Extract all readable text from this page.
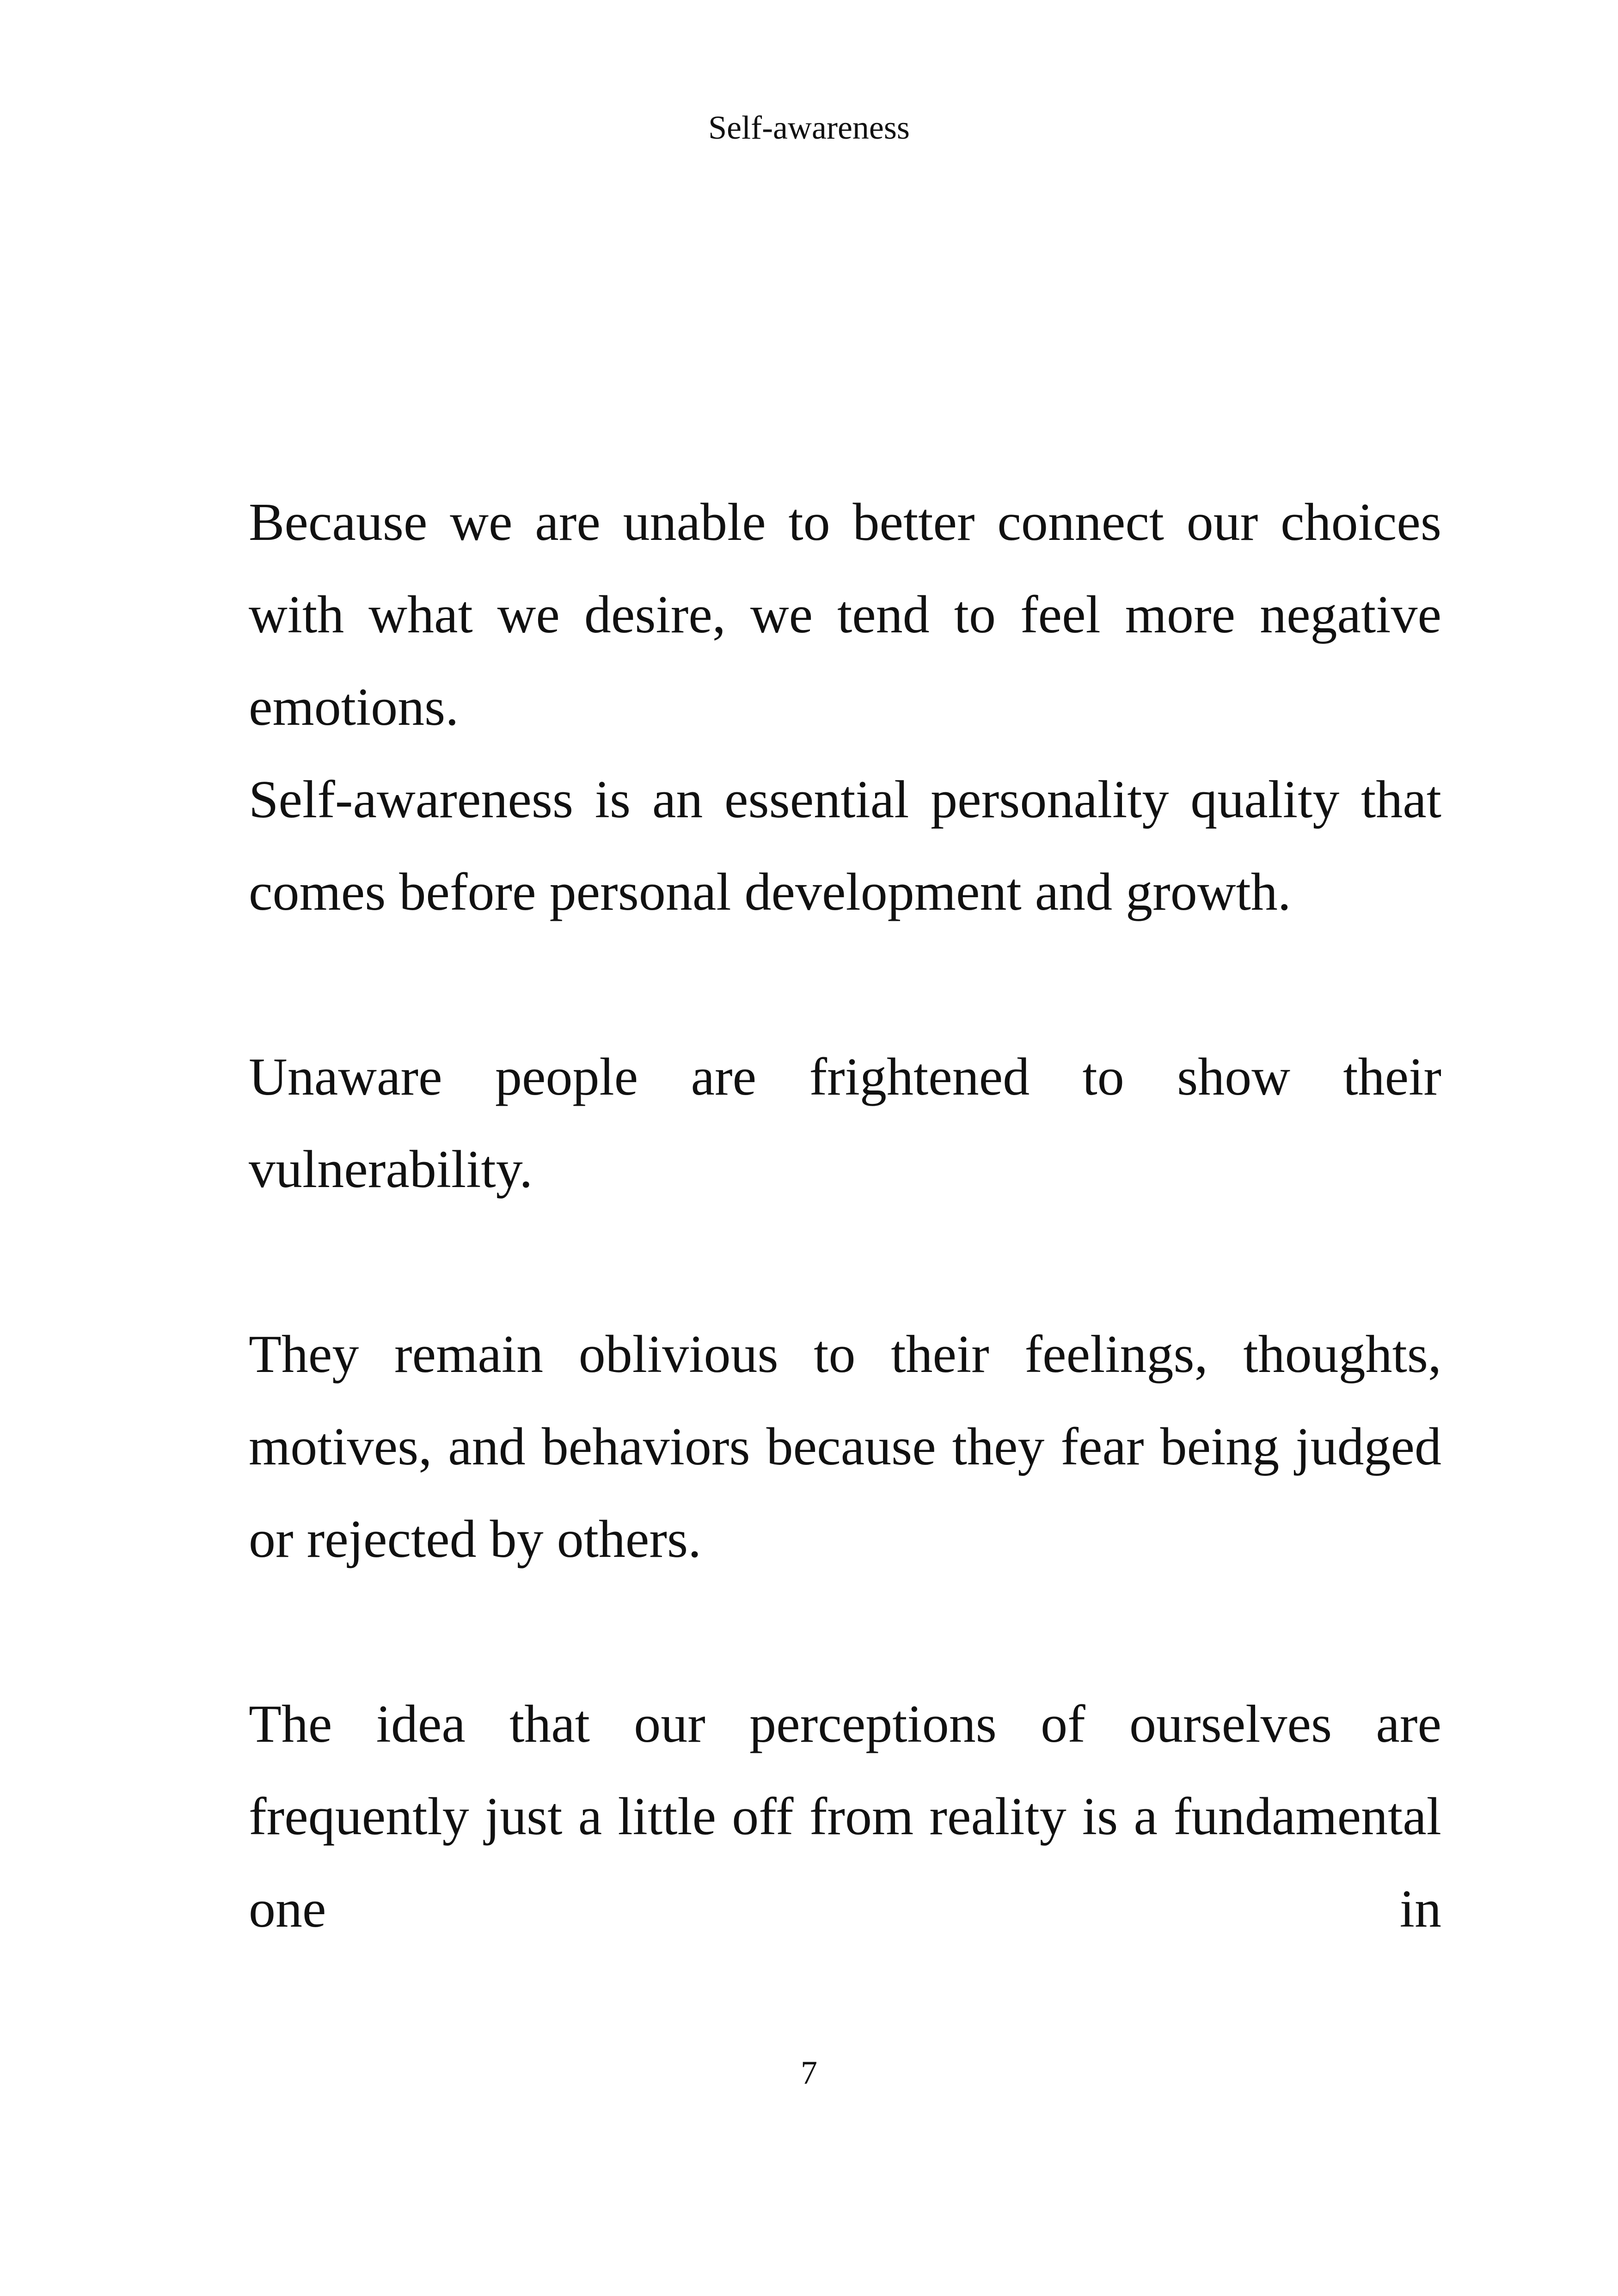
Self-awareness

Because we are unable to better connect our choices with what we desire, we tend to feel more negative emotions.

Self-awareness is an essential personality quality that comes before personal development and growth.

Unaware people are frightened to show their vulnerability.

They remain oblivious to their feelings, thoughts, motives, and behaviors because they fear being judged or rejected by others.

The idea that our perceptions of ourselves are frequently just a little off from reality is a fundamental one in

7
